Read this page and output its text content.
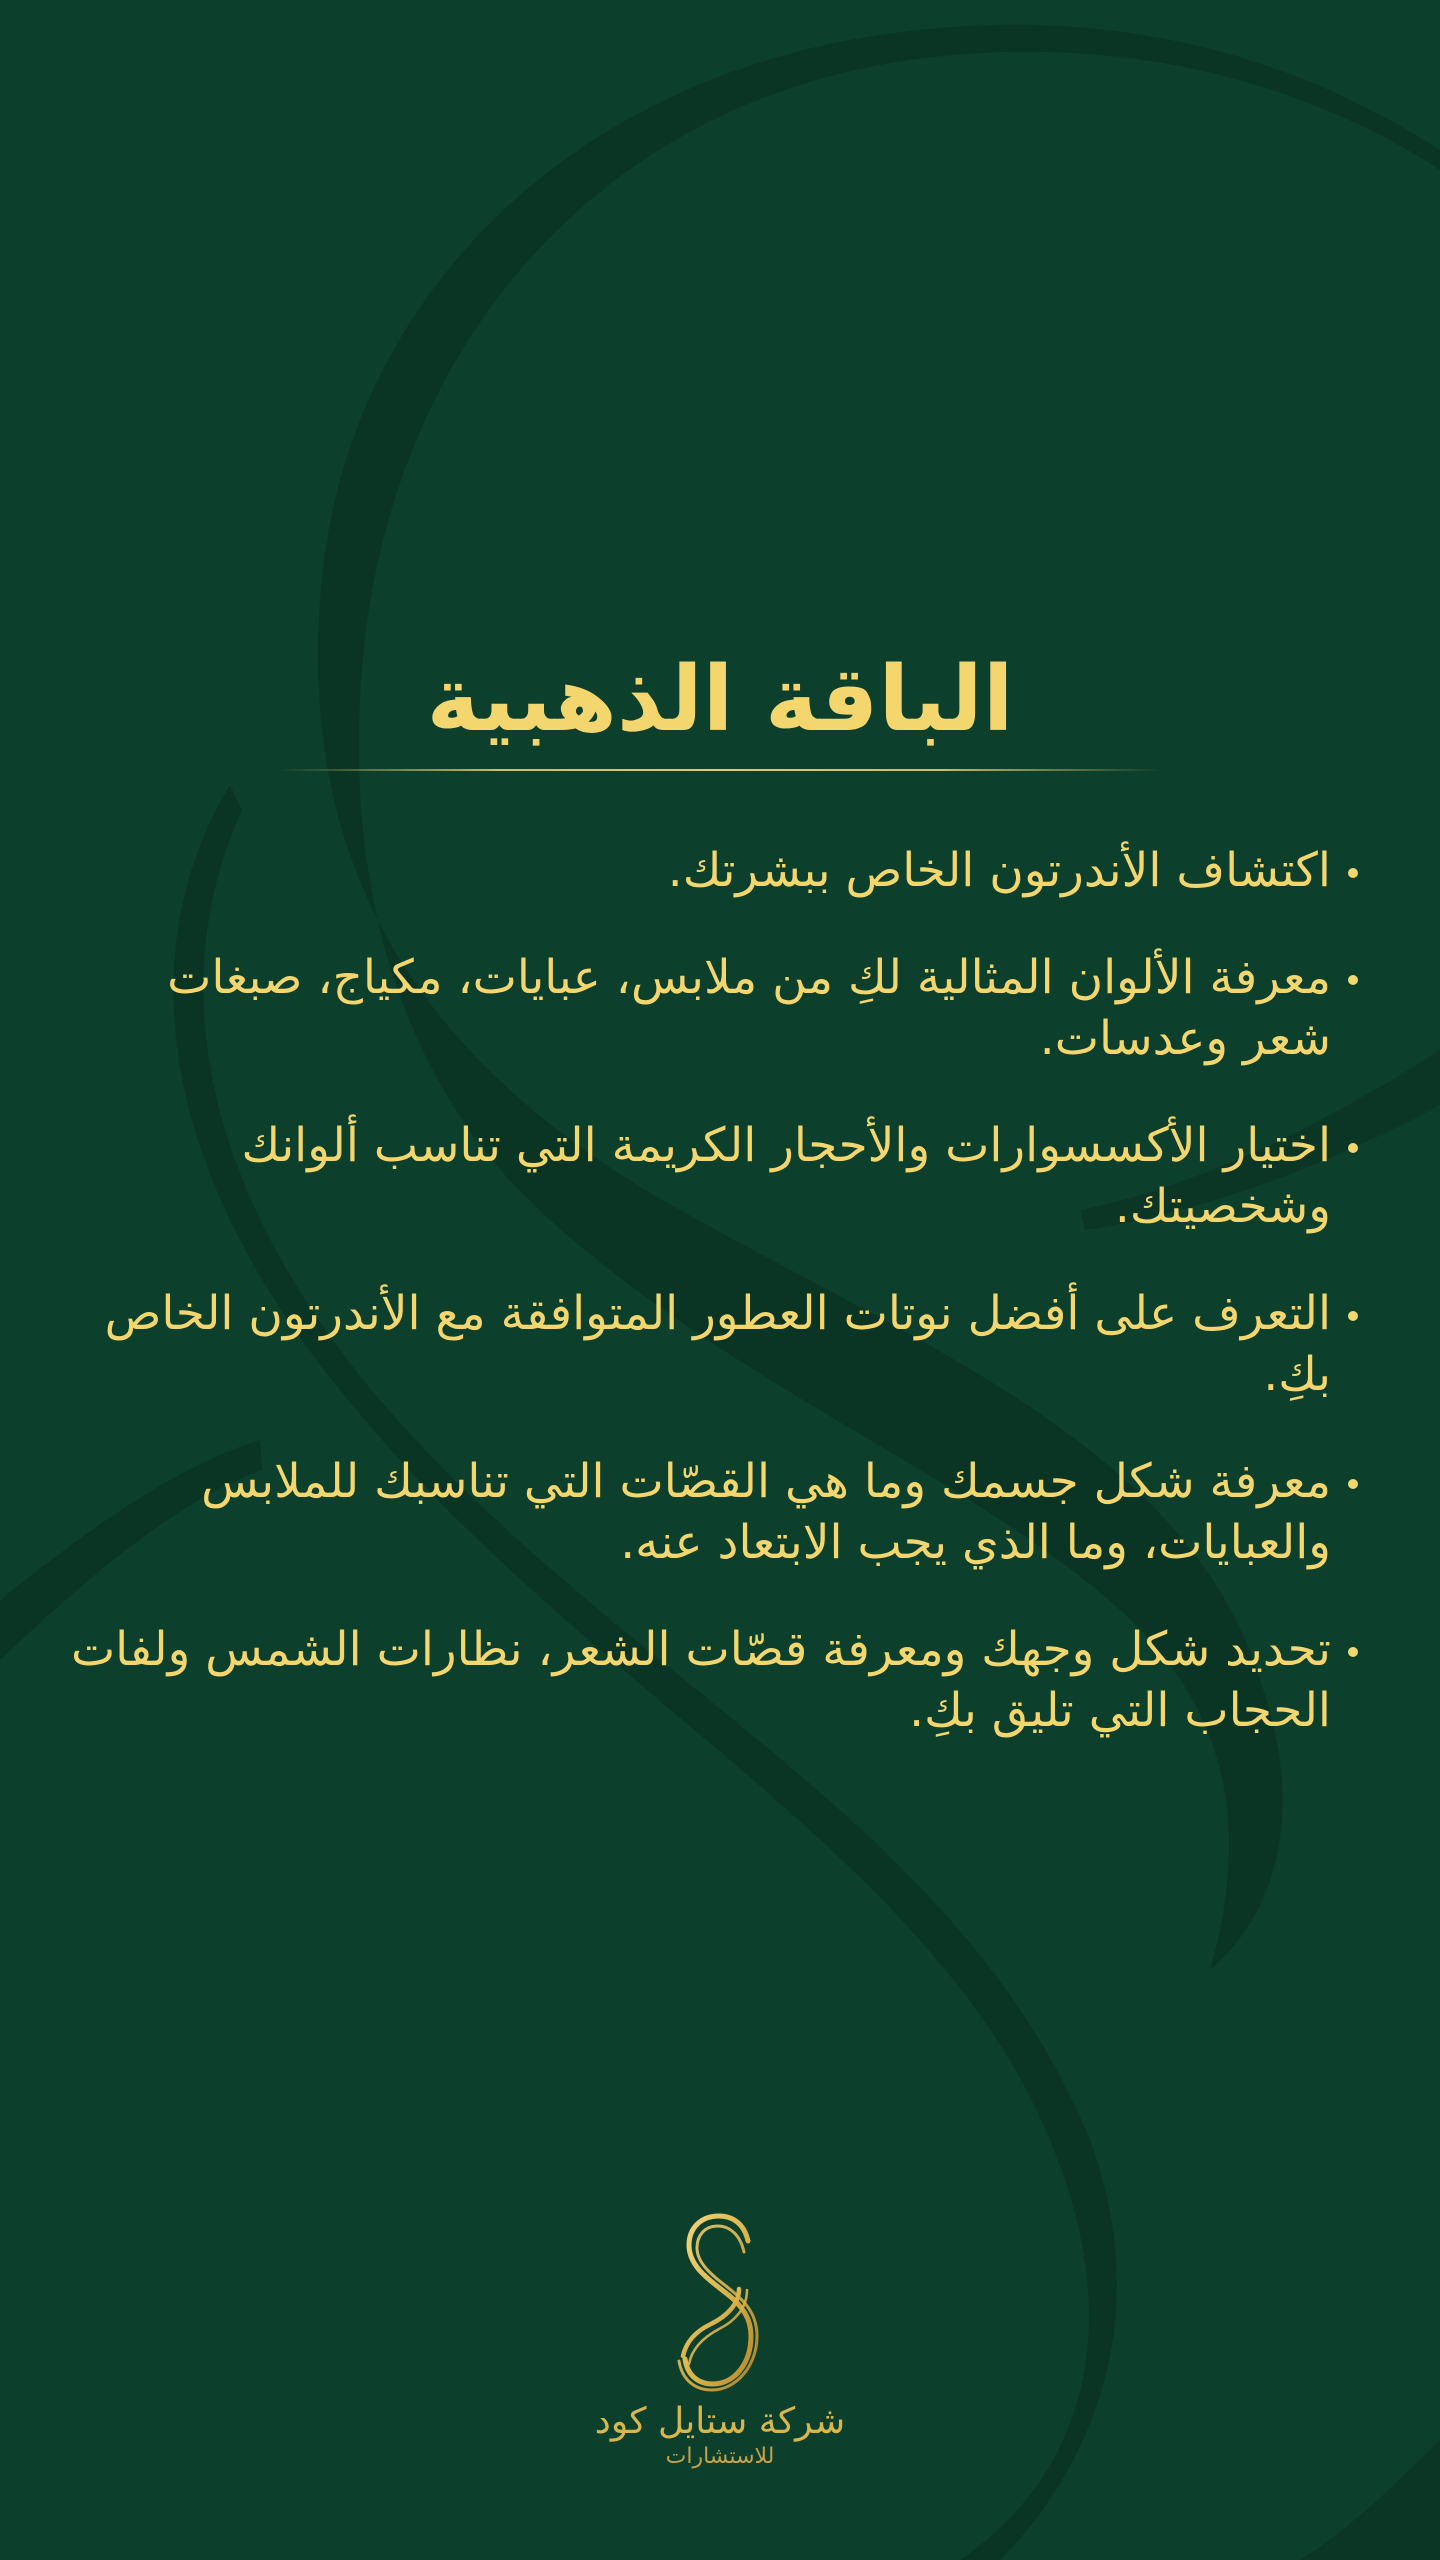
الباقة الذهبية
اكتشاف الأندرتون الخاص ببشرتك.
معرفة الألوان المثالية لكِ من ملابس، عبايات، مكياج، صبغات شعر وعدسات.
اختيار الأكسسوارات والأحجار الكريمة التي تناسب ألوانك وشخصيتك.
التعرف على أفضل نوتات العطور المتوافقة مع الأندرتون الخاص بكِ.
معرفة شكل جسمك وما هي القصّات التي تناسبك للملابس والعبايات، وما الذي يجب الابتعاد عنه.
تحديد شكل وجهك ومعرفة قصّات الشعر، نظارات الشمس ولفات الحجاب التي تليق بكِ.
شركة ستايل كود
للاستشارات
